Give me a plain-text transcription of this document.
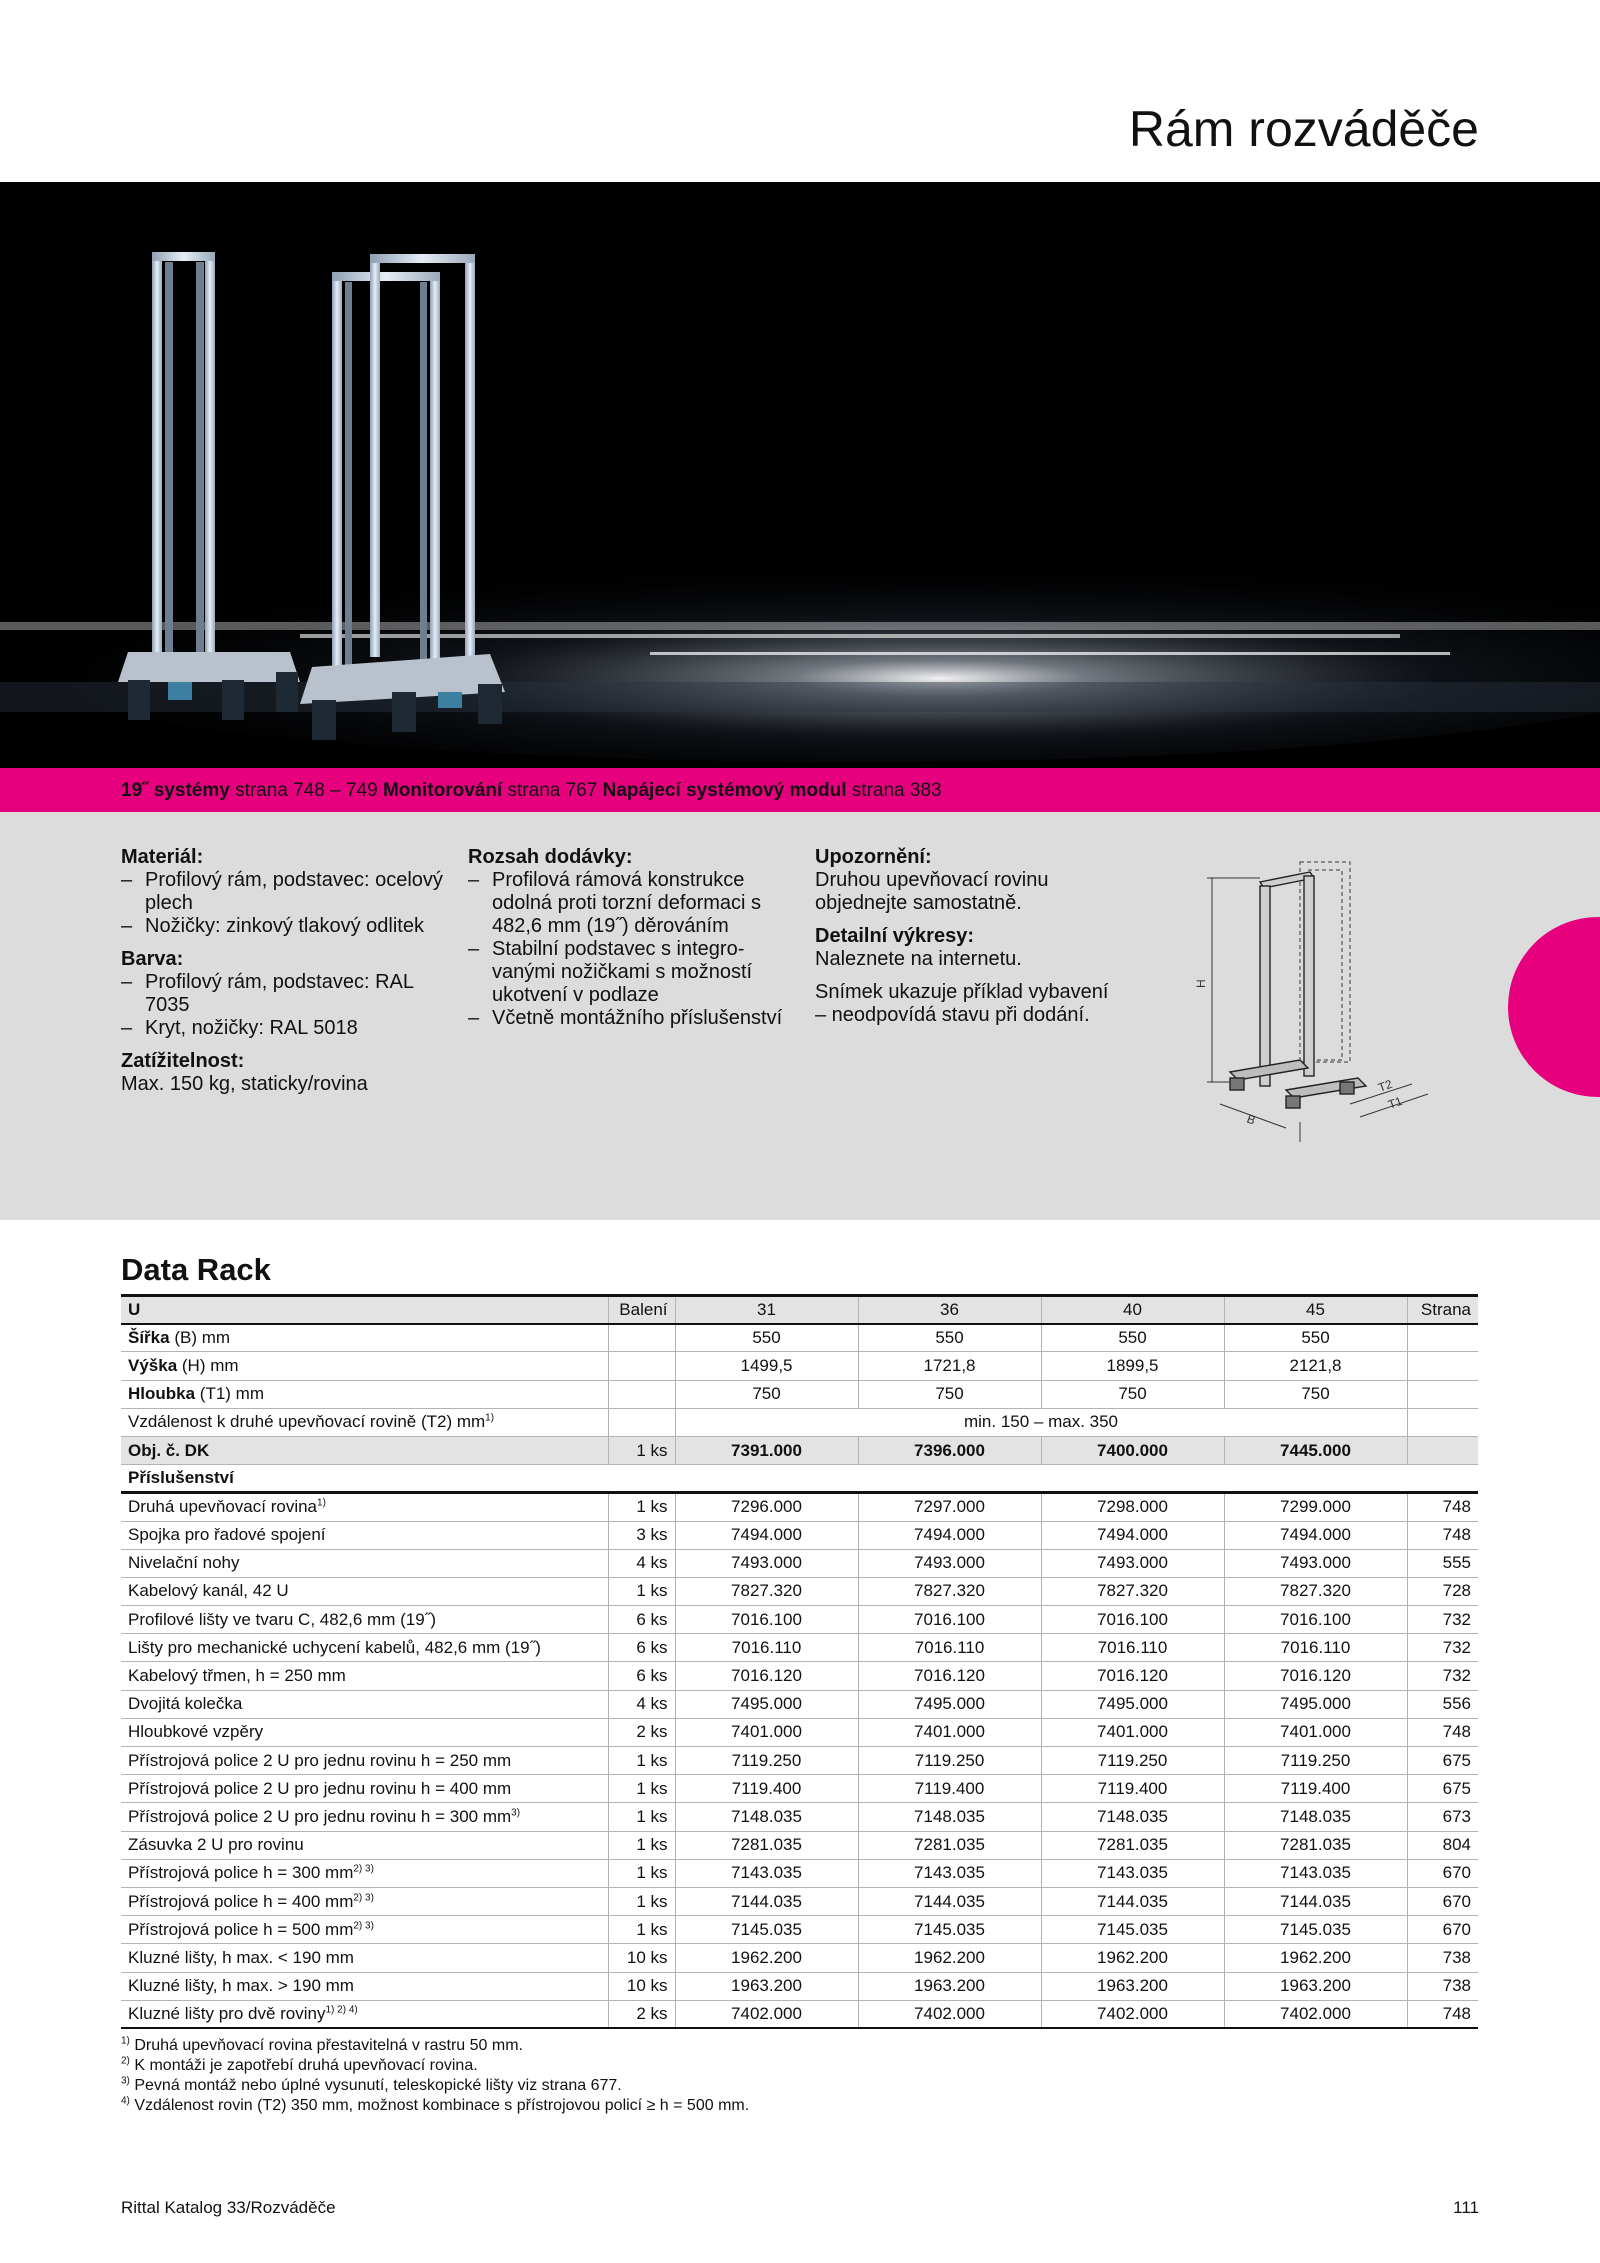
Rám rozváděče
19˝ systémy strana 748 – 749 Monitorování strana 767 Napájecí systémový modul strana 383
Materiál:
– Profilový rám, podstavec: ocelový plech
– Nožičky: zinkový tlakový odlitek
Barva:
– Profilový rám, podstavec: RAL 7035
– Kryt, nožičky: RAL 5018
Zatížitelnost:

Max. 150 kg, staticky/rovina

Rozsah dodávky:
– Profilová rámová konstrukce odolná proti torzní deformaci s 482,6 mm (19˝) děrováním
– Stabilní podstavec s integro-vanými nožičkami s možností ukotvení v podlaze
– Včetně montážního příslušenství
Upozornění:

Druhou upevňovací rovinu objednejte samostatně.

Detailní výkresy:

Naleznete na internetu.

Snímek ukazuje příklad vybavení – neodpovídá stavu při dodání.

H
B
T2
T1
Data Rack
U	Balení	31	36	40	45	Strana
Šířka (B) mm		550	550	550	550	
Výška (H) mm		1499,5	1721,8	1899,5	2121,8	
Hloubka (T1) mm		750	750	750	750	
Vzdálenost k druhé upevňovací rovině (T2) $mm^{1)}$		min. 150 – max. 350				
Obj. č. DK	1 ks	7391.000	7396.000	7400.000	7445.000	
Příslušenství						
Druhá upevňovací rovina$^{1)}$	1 ks	7296.000	7297.000	7298.000	7299.000	748
Spojka pro řadové spojení	3 ks	7494.000	7494.000	7494.000	7494.000	748
Nivelační nohy	4 ks	7493.000	7493.000	7493.000	7493.000	555
Kabelový kanál, 42 U	1 ks	7827.320	7827.320	7827.320	7827.320	728
Profilové lišty ve tvaru C, 482,6 mm (19˝)	6 ks	7016.100	7016.100	7016.100	7016.100	732
Lišty pro mechanické uchycení kabelů, 482,6 mm (19˝)	6 ks	7016.110	7016.110	7016.110	7016.110	732
Kabelový třmen, h = 250 mm	6 ks	7016.120	7016.120	7016.120	7016.120	732
Dvojitá kolečka	4 ks	7495.000	7495.000	7495.000	7495.000	556
Hloubkové vzpěry	2 ks	7401.000	7401.000	7401.000	7401.000	748
Přístrojová police 2 U pro jednu rovinu h = 250 mm	1 ks	7119.250	7119.250	7119.250	7119.250	675
Přístrojová police 2 U pro jednu rovinu h = 400 mm	1 ks	7119.400	7119.400	7119.400	7119.400	675
Přístrojová police 2 U pro jednu rovinu h = 300 $mm^{3)}$	1 ks	7148.035	7148.035	7148.035	7148.035	673
Zásuvka 2 U pro rovinu	1 ks	7281.035	7281.035	7281.035	7281.035	804
Přístrojová police h = 300 $mm^{2) 3)}$	1 ks	7143.035	7143.035	7143.035	7143.035	670
Přístrojová police h = 400 $mm^{2) 3)}$	1 ks	7144.035	7144.035	7144.035	7144.035	670
Přístrojová police h = 500 $mm^{2) 3)}$	1 ks	7145.035	7145.035	7145.035	7145.035	670
Kluzné lišty, h max. < 190 mm	10 ks	1962.200	1962.200	1962.200	1962.200	738
Kluzné lišty, h max. > 190 mm	10 ks	1963.200	1963.200	1963.200	1963.200	738
Kluzné lišty pro dvě roviny$^{1) 2) 4)}$	2 ks	7402.000	7402.000	7402.000	7402.000	748
$^{1)}$ Druhá upevňovací rovina přestavitelná v rastru 50 mm.
$^{2)}$ K montáži je zapotřebí druhá upevňovací rovina.
$^{3)}$ Pevná montáž nebo úplné vysunutí, teleskopické lišty viz strana 677.
$^{4)}$ Vzdálenost rovin (T2) 350 mm, možnost kombinace s přístrojovou policí ≥ h = 500 mm.
Rittal Katalog 33/Rozváděče	111
